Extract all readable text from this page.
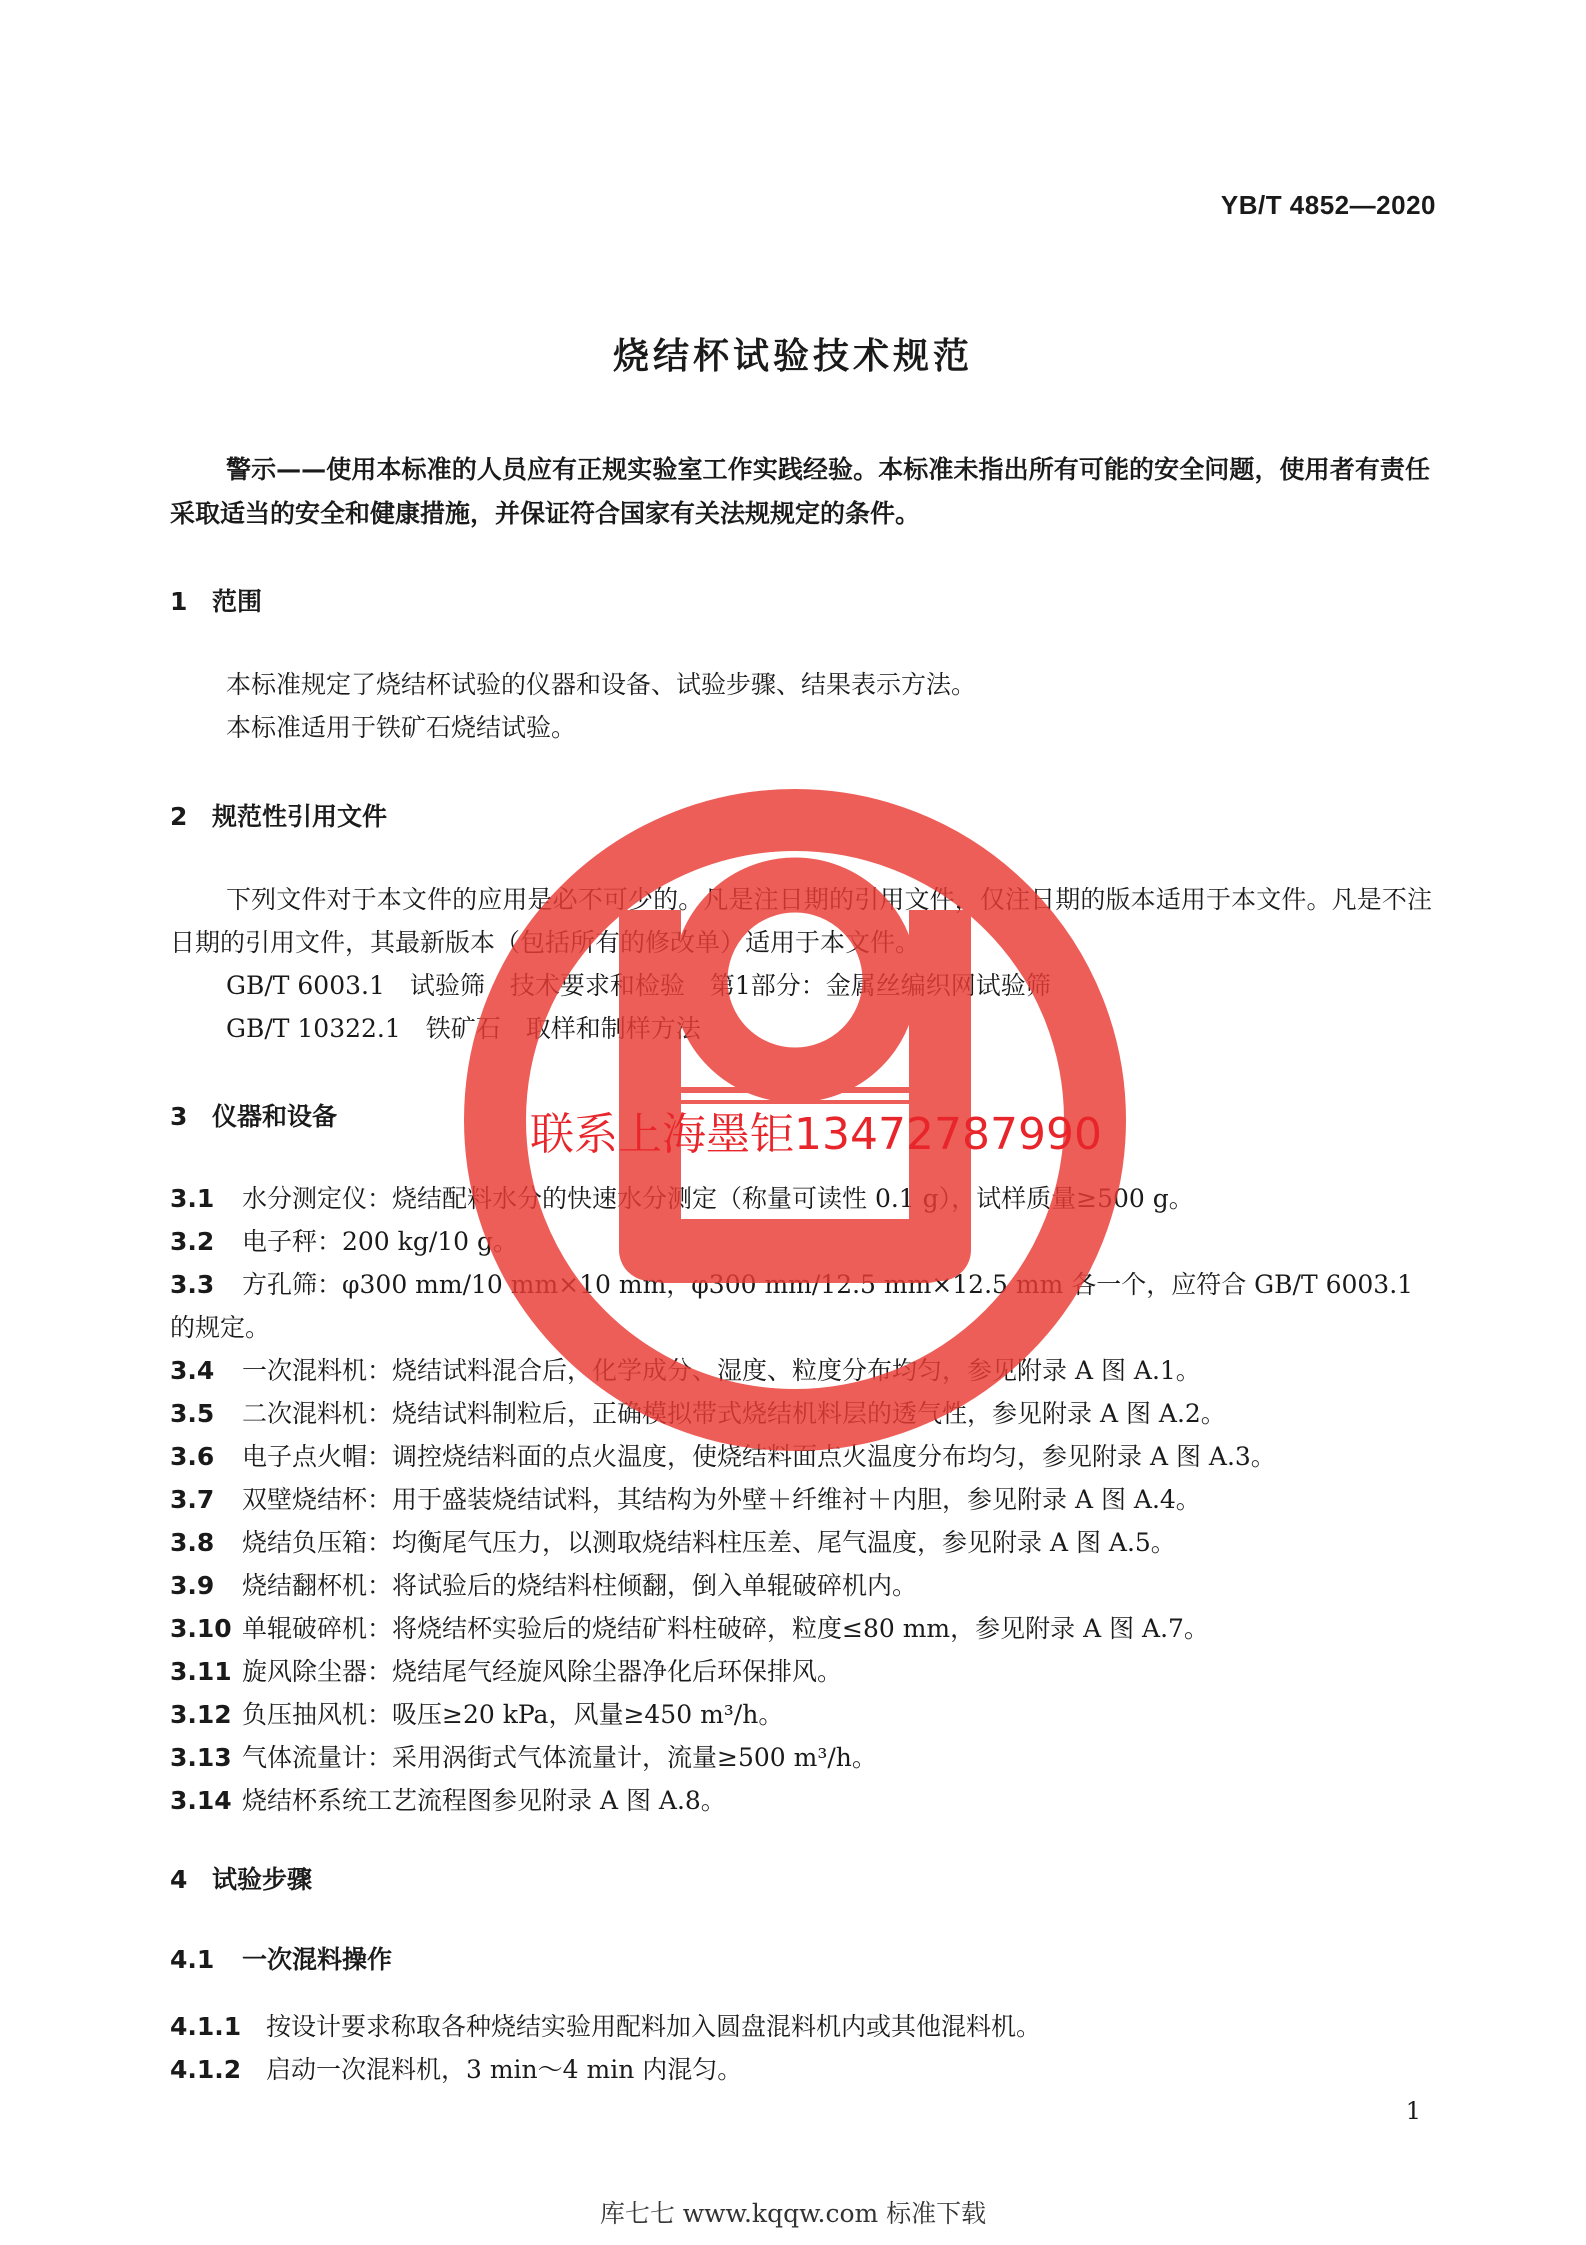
YB/T 4852—2020
烧结杯试验技术规范
警示——使用本标准的人员应有正规实验室工作实践经验。本标准未指出所有可能的安全问题，使用者有责任采取适当的安全和健康措施，并保证符合国家有关法规规定的条件。
1 范围

本标准规定了烧结杯试验的仪器和设备、试验步骤、结果表示方法。

本标准适用于铁矿石烧结试验。

2 规范性引用文件

下列文件对于本文件的应用是必不可少的。凡是注日期的引用文件，仅注日期的版本适用于本文件。凡是不注日期的引用文件，其最新版本（包括所有的修改单）适用于本文件。

GB/T 6003.1　试验筛　技术要求和检验　第1部分：金属丝编织网试验筛

GB/T 10322.1　铁矿石　取样和制样方法

3 仪器和设备

3.1 水分测定仪：烧结配料水分的快速水分测定（称量可读性 0.1 g），试样质量≥500 g。

3.2 电子秤：200 kg/10 g。

3.3 方孔筛：φ300 mm/10 mm×10 mm，φ300 mm/12.5 mm×12.5 mm 各一个，应符合 GB/T 6003.1 的规定。

3.4 一次混料机：烧结试料混合后，化学成分、湿度、粒度分布均匀，参见附录 A 图 A.1。

3.5 二次混料机：烧结试料制粒后，正确模拟带式烧结机料层的透气性，参见附录 A 图 A.2。

3.6 电子点火帽：调控烧结料面的点火温度，使烧结料面点火温度分布均匀，参见附录 A 图 A.3。

3.7 双壁烧结杯：用于盛装烧结试料，其结构为外壁＋纤维衬＋内胆，参见附录 A 图 A.4。

3.8 烧结负压箱：均衡尾气压力，以测取烧结料柱压差、尾气温度，参见附录 A 图 A.5。

3.9 烧结翻杯机：将试验后的烧结料柱倾翻，倒入单辊破碎机内。

3.10 单辊破碎机：将烧结杯实验后的烧结矿料柱破碎，粒度≤80 mm，参见附录 A 图 A.7。

3.11 旋风除尘器：烧结尾气经旋风除尘器净化后环保排风。

3.12 负压抽风机：吸压≥20 kPa，风量≥450 m³/h。

3.13 气体流量计：采用涡街式气体流量计，流量≥500 m³/h。

3.14 烧结杯系统工艺流程图参见附录 A 图 A.8。

4 试验步骤
4.1 一次混料操作

4.1.1 按设计要求称取各种烧结实验用配料加入圆盘混料机内或其他混料机。

4.1.2 启动一次混料机，3 min～4 min 内混匀。

1
库七七 www.kqqw.com 标准下载
联系上海墨钜13472787990
